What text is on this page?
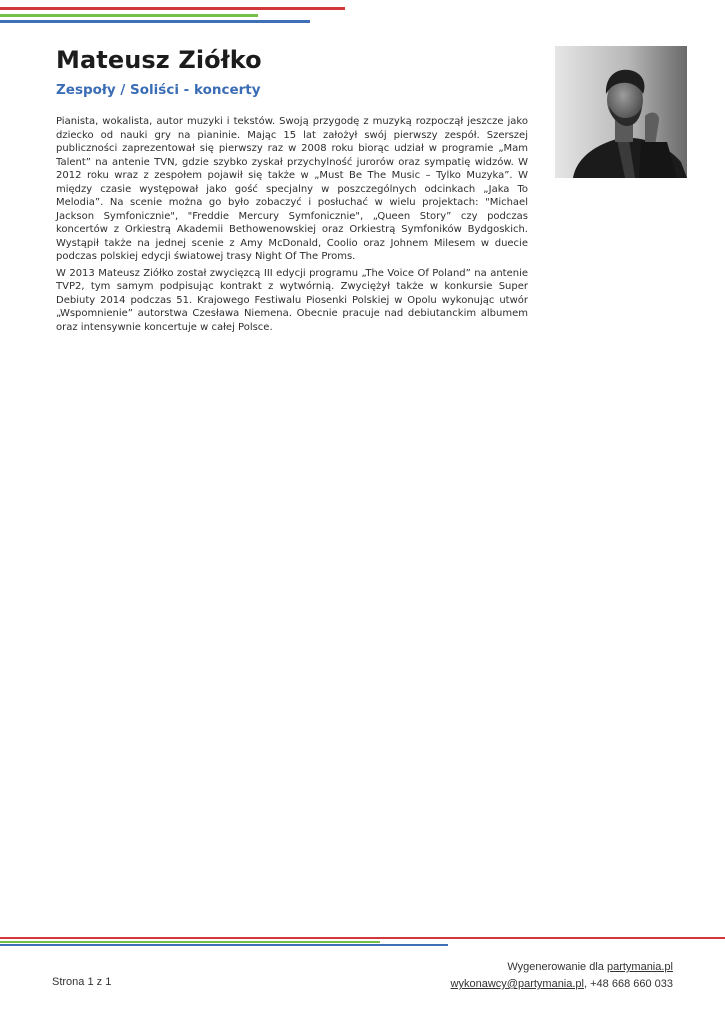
Mateusz Ziółko
Zespoły / Soliści - koncerty

Pianista, wokalista, autor muzyki i tekstów. Swoją przygodę z muzyką rozpoczął jeszcze jako dziecko od nauki gry na pianinie. Mając 15 lat założył swój pierwszy zespół. Szerszej publiczności zaprezentował się pierwszy raz w 2008 roku biorąc udział w programie „Mam Talent” na antenie TVN, gdzie szybko zyskał przychylność jurorów oraz sympatię widzów. W 2012 roku wraz z zespołem pojawił się także w „Must Be The Music – Tylko Muzyka”. W między czasie występował jako gość specjalny w poszczególnych odcinkach „Jaka To Melodia”. Na scenie można go było zobaczyć i posłuchać w wielu projektach: "Michael Jackson Symfonicznie", "Freddie Mercury Symfonicznie", „Queen Story” czy podczas koncertów z Orkiestrą Akademii Bethowenowskiej oraz Orkiestrą Symfoników Bydgoskich. Wystąpił także na jednej scenie z Amy McDonald, Coolio oraz Johnem Milesem w duecie podczas polskiej edycji światowej trasy Night Of The Proms.

W 2013 Mateusz Ziółko został zwycięzcą III edycji programu „The Voice Of Poland” na antenie TVP2, tym samym podpisując kontrakt z wytwórnią. Zwyciężył także w konkursie Super Debiuty 2014 podczas 51. Krajowego Festiwalu Piosenki Polskiej w Opolu wykonując utwór „Wspomnienie” autorstwa Czesława Niemena. Obecnie pracuje nad debiutanckim albumem oraz intensywnie koncertuje w całej Polsce.

Strona 1 z 1
Wygenerowanie dla partymania.pl
wykonawcy@partymania.pl, +48 668 660 033
